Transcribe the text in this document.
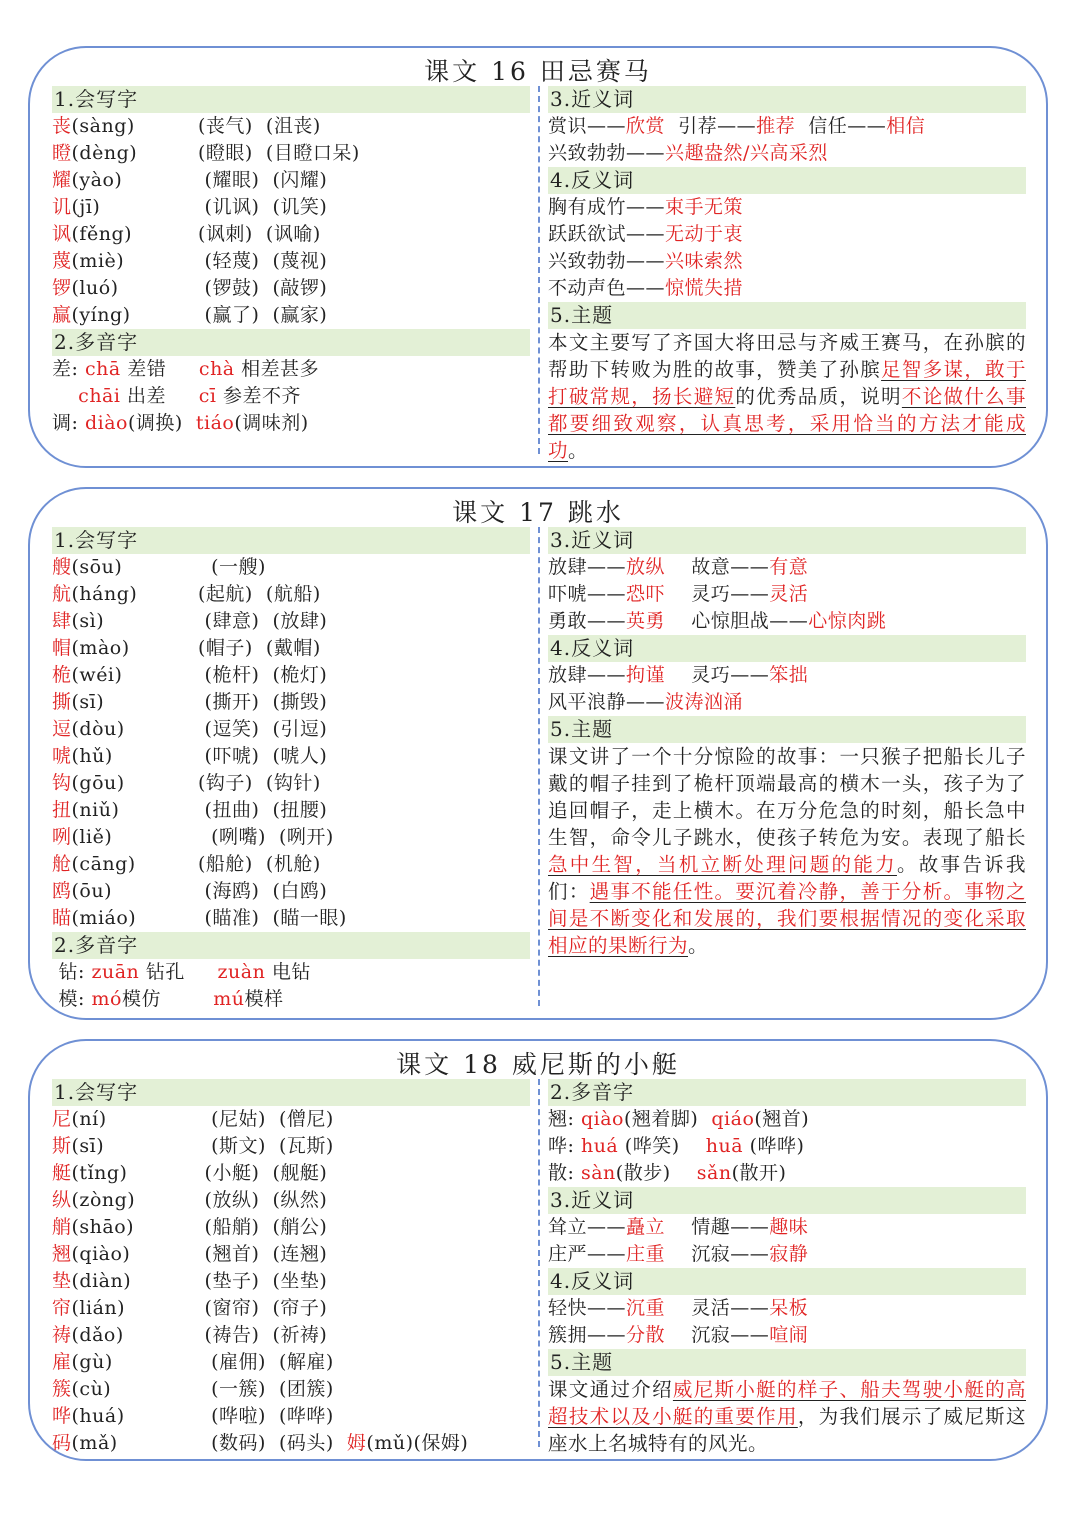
课文 16 田忌赛马
1.会写字
丧(sàng)	(丧气)  (沮丧)
瞪(dèng)	(瞪眼)  (目瞪口呆)
耀(yào)	(耀眼)  (闪耀)
讥(jī)	(讥讽)  (讥笑)
讽(fěng)	(讽刺)  (讽喻)
蔑(miè)	(轻蔑)  (蔑视)
锣(luó)	(锣鼓)  (敲锣)
赢(yíng)	(赢了)  (赢家)
2.多音字
差: chā 差错     chà 相差甚多
chāi 出差     cī 参差不齐
调: diào(调换)  tiáo(调味剂)
3.近义词
赏识——欣赏  引荐——推荐  信任——相信
兴致勃勃——兴趣盎然/兴高采烈
4.反义词
胸有成竹——束手无策
跃跃欲试——无动于衷
兴致勃勃——兴味索然
不动声色——惊慌失措
5.主题
本文主要写了齐国大将田忌与齐威王赛马，在孙膑的帮助下转败为胜的故事，赞美了孙膑足智多谋，敢于打破常规，扬长避短的优秀品质，说明不论做什么事都要细致观察，认真思考，采用恰当的方法才能成功。
课文 17 跳水
1.会写字
艘(sōu)	(一艘)
航(háng)	(起航)  (航船)
肆(sì)	(肆意)  (放肆)
帽(mào)	(帽子)  (戴帽)
桅(wéi)	(桅杆)  (桅灯)
撕(sī)	(撕开)  (撕毁)
逗(dòu)	(逗笑)  (引逗)
唬(hǔ)	(吓唬)  (唬人)
钩(gōu)	(钩子)  (钩针)
扭(niǔ)	(扭曲)  (扭腰)
咧(liě)	(咧嘴)  (咧开)
舱(cāng)	(船舱)  (机舱)
鸥(ōu)	(海鸥)  (白鸥)
瞄(miáo)	(瞄准)  (瞄一眼)
2.多音字
钻: zuān 钻孔     zuàn 电钻
模: mó模仿        mú模样
3.近义词
放肆——放纵    故意——有意
吓唬——恐吓    灵巧——灵活
勇敢——英勇    心惊胆战——心惊肉跳
4.反义词
放肆——拘谨    灵巧——笨拙
风平浪静——波涛汹涌
5.主题
课文讲了一个十分惊险的故事：一只猴子把船长儿子戴的帽子挂到了桅杆顶端最高的横木一头，孩子为了追回帽子，走上横木。在万分危急的时刻，船长急中生智，命令儿子跳水，使孩子转危为安。表现了船长急中生智，当机立断处理问题的能力。故事告诉我们：遇事不能任性。要沉着冷静，善于分析。事物之间是不断变化和发展的，我们要根据情况的变化采取相应的果断行为。
课文 18 威尼斯的小艇
1.会写字
尼(ní)	(尼姑)  (僧尼)
斯(sī)	(斯文)  (瓦斯)
艇(tǐng)	(小艇)  (舰艇)
纵(zòng)	(放纵)  (纵然)
艄(shāo)	(船艄)  (艄公)
翘(qiào)	(翘首)  (连翘)
垫(diàn)	(垫子)  (坐垫)
帘(lián)	(窗帘)  (帘子)
祷(dǎo)	(祷告)  (祈祷)
雇(gù)	(雇佣)  (解雇)
簇(cù)	(一簇)  (团簇)
哗(huá)	(哗啦)  (哗哗)
码(mǎ)	(数码)  (码头)  姆(mǔ)(保姆)
2.多音字
翘: qiào(翘着脚)  qiáo(翘首)
哗: huá (哗笑)    huā (哗哗)
散: sàn(散步)    sǎn(散开)
3.近义词
耸立——矗立    情趣——趣味
庄严——庄重    沉寂——寂静
4.反义词
轻快——沉重    灵活——呆板
簇拥——分散    沉寂——喧闹
5.主题
课文通过介绍威尼斯小艇的样子、船夫驾驶小艇的高超技术以及小艇的重要作用，为我们展示了威尼斯这座水上名城特有的风光。
